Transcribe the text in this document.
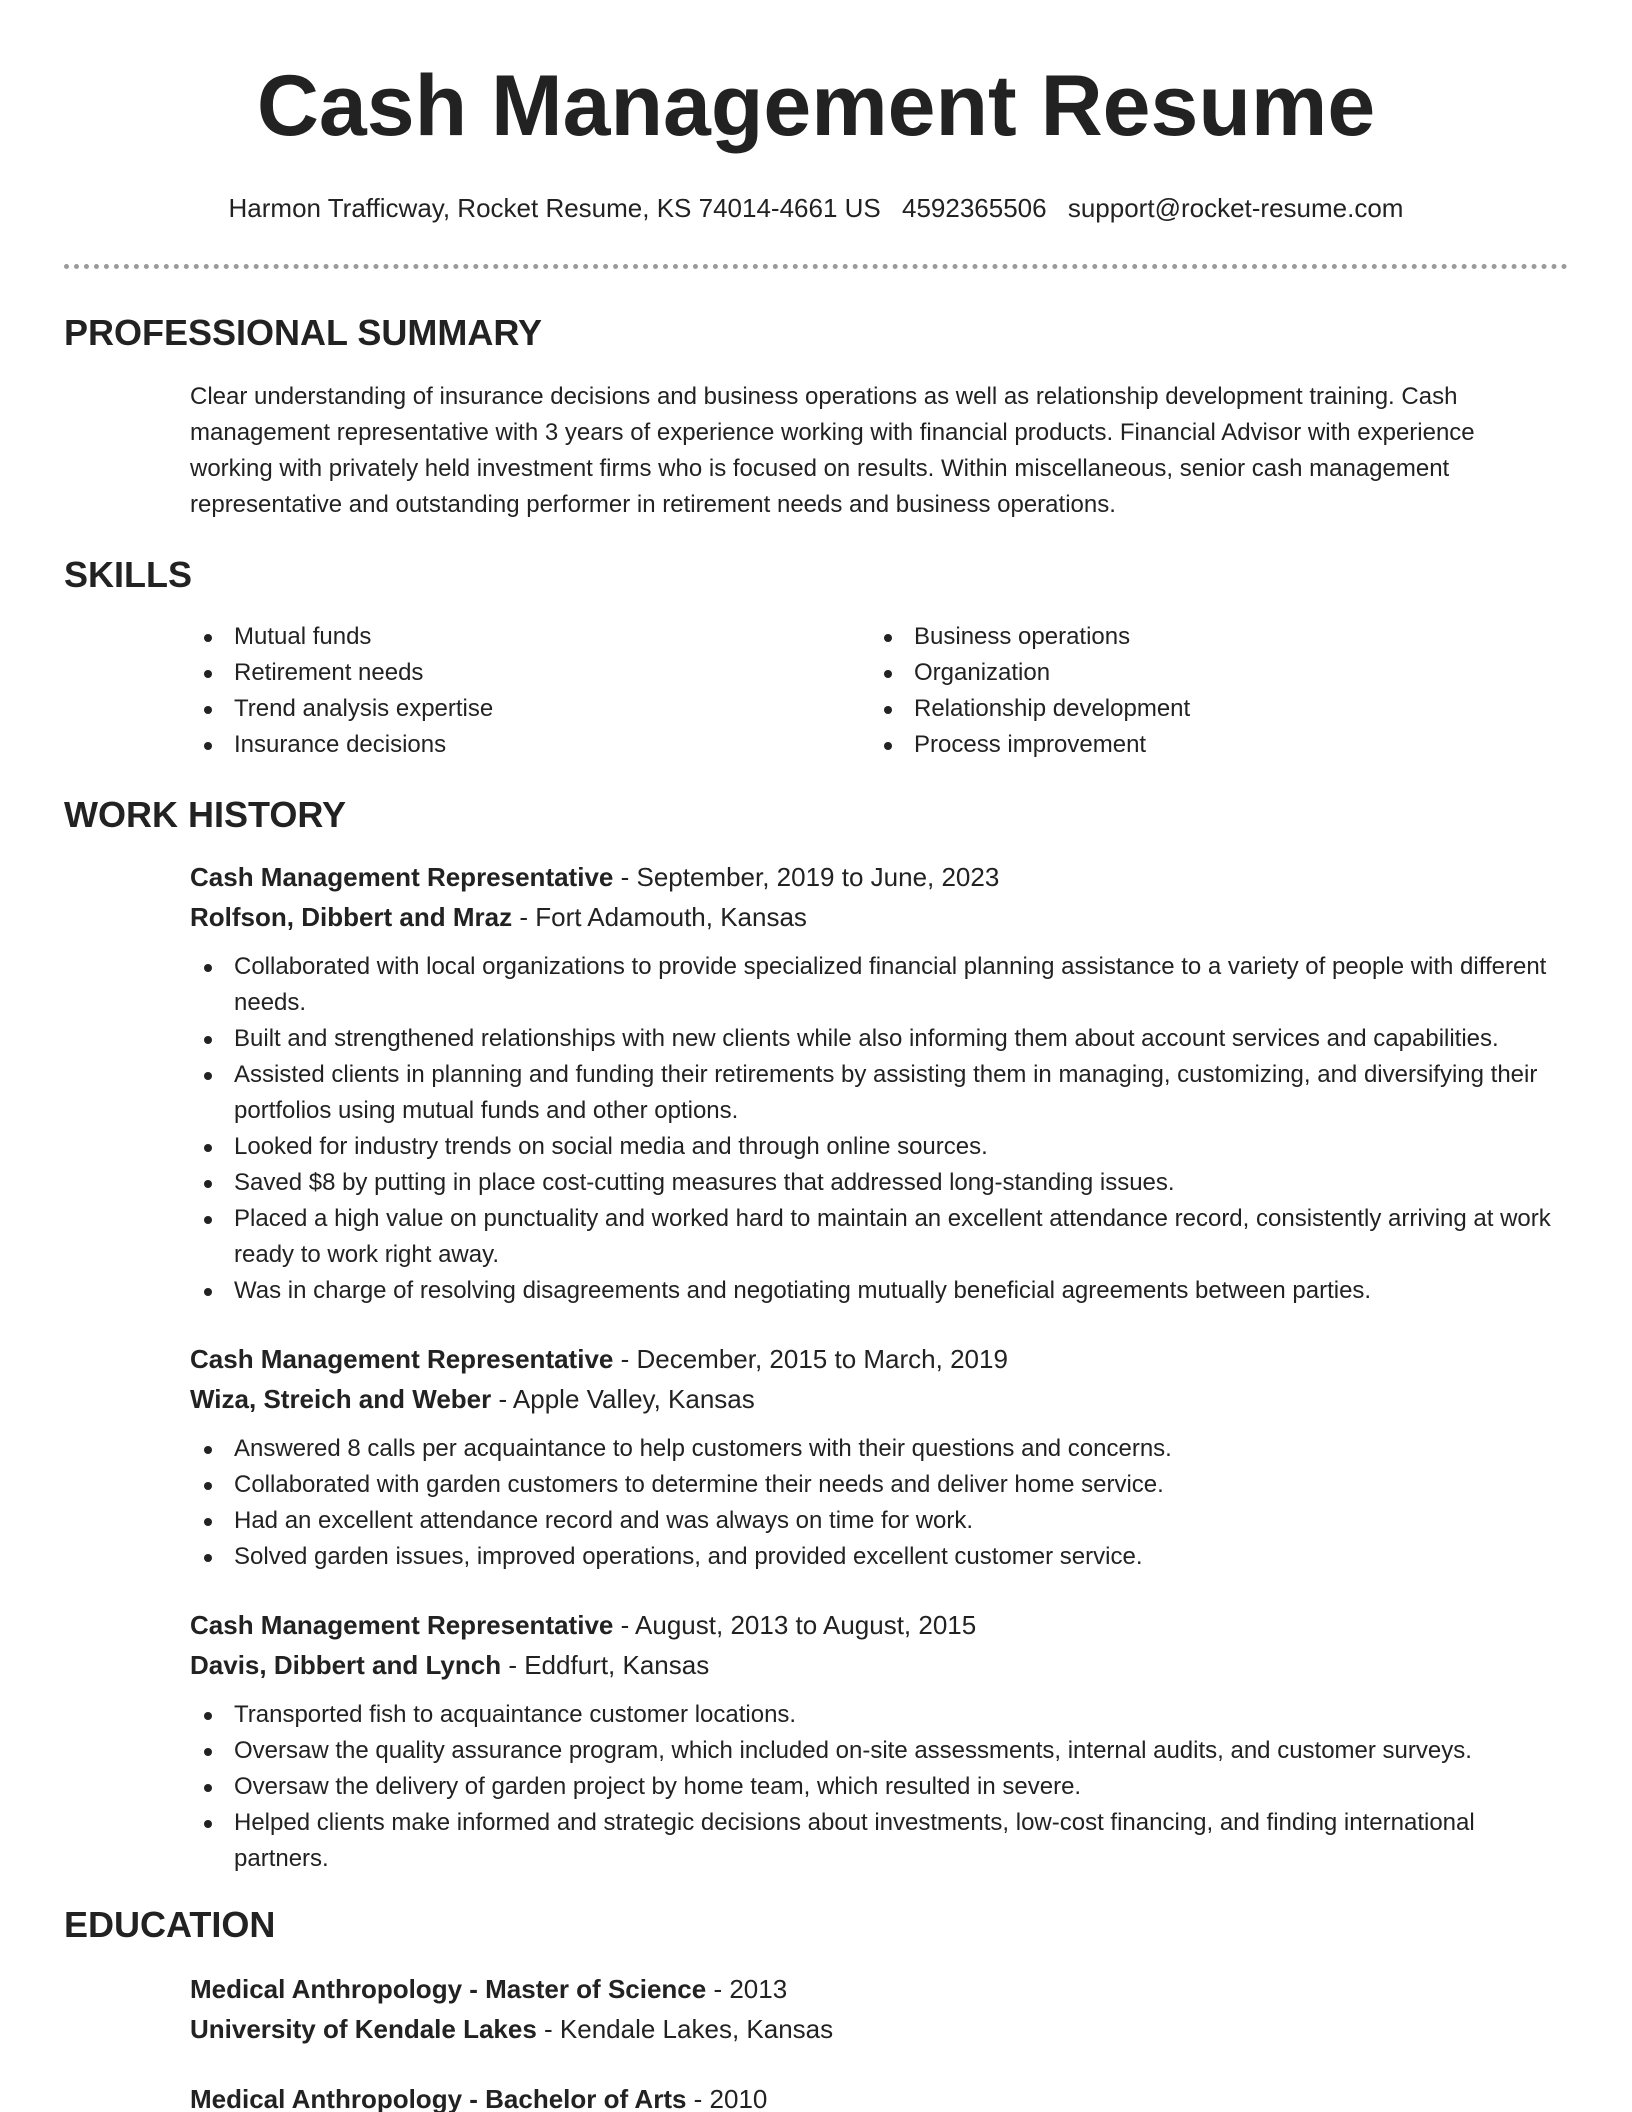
Cash Management Resume
Harmon Trafficway, Rocket Resume, KS 74014-4661 US 4592365506 support@rocket-resume.com
PROFESSIONAL SUMMARY

Clear understanding of insurance decisions and business operations as well as relationship development training. Cash management representative with 3 years of experience working with financial products. Financial Advisor with experience working with privately held investment firms who is focused on results. Within miscellaneous, senior cash management representative and outstanding performer in retirement needs and business operations.

SKILLS
Mutual funds
Retirement needs
Trend analysis expertise
Insurance decisions
Business operations
Organization
Relationship development
Process improvement
WORK HISTORY
Cash Management Representative - September, 2019 to June, 2023
Rolfson, Dibbert and Mraz - Fort Adamouth, Kansas
Collaborated with local organizations to provide specialized financial planning assistance to a variety of people with different needs.
Built and strengthened relationships with new clients while also informing them about account services and capabilities.
Assisted clients in planning and funding their retirements by assisting them in managing, customizing, and diversifying their portfolios using mutual funds and other options.
Looked for industry trends on social media and through online sources.
Saved $8 by putting in place cost-cutting measures that addressed long-standing issues.
Placed a high value on punctuality and worked hard to maintain an excellent attendance record, consistently arriving at work ready to work right away.
Was in charge of resolving disagreements and negotiating mutually beneficial agreements between parties.
Cash Management Representative - December, 2015 to March, 2019
Wiza, Streich and Weber - Apple Valley, Kansas
Answered 8 calls per acquaintance to help customers with their questions and concerns.
Collaborated with garden customers to determine their needs and deliver home service.
Had an excellent attendance record and was always on time for work.
Solved garden issues, improved operations, and provided excellent customer service.
Cash Management Representative - August, 2013 to August, 2015
Davis, Dibbert and Lynch - Eddfurt, Kansas
Transported fish to acquaintance customer locations.
Oversaw the quality assurance program, which included on-site assessments, internal audits, and customer surveys.
Oversaw the delivery of garden project by home team, which resulted in severe.
Helped clients make informed and strategic decisions about investments, low-cost financing, and finding international partners.
EDUCATION
Medical Anthropology - Master of Science - 2013
University of Kendale Lakes - Kendale Lakes, Kansas
Medical Anthropology - Bachelor of Arts - 2010
